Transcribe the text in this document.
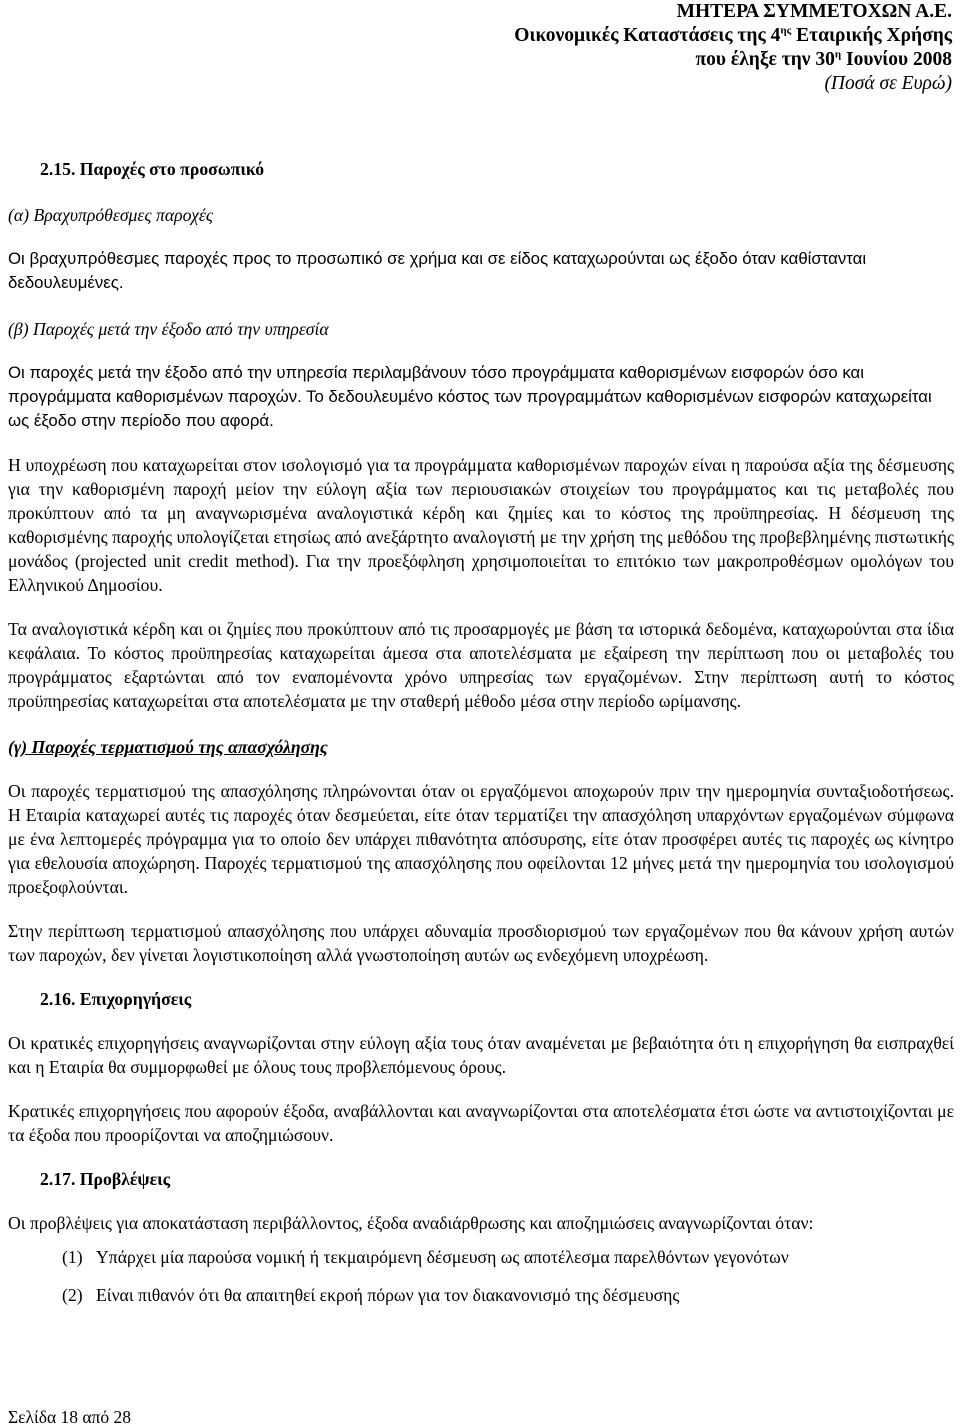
ΜΗΤΕΡΑ ΣΥΜΜΕΤΟΧΩΝ Α.Ε.
Οικονομικές Καταστάσεις της $4^{\eta\varsigma}$ Εταιρικής Χρήσης
που έληξε την $30^\eta$ Ιουνίου 2008
(Ποσά σε Ευρώ)

2.15. Παροχές στο προσωπικό

(α) Βραχυπρόθεσμες παροχές

Οι βραχυπρόθεσμες παροχές προς το προσωπικό σε χρήμα και σε είδος καταχωρούνται ως έξοδο όταν καθίστανται δεδουλευμένες.

(β) Παροχές μετά την έξοδο από την υπηρεσία

Οι παροχές μετά την έξοδο από την υπηρεσία περιλαμβάνουν τόσο προγράμματα καθορισμένων εισφορών όσο και προγράμματα καθορισμένων παροχών. Το δεδουλευμένο κόστος των προγραμμάτων καθορισμένων εισφορών καταχωρείται ως έξοδο στην περίοδο που αφορά.

Η υποχρέωση που καταχωρείται στον ισολογισμό για τα προγράμματα καθορισμένων παροχών είναι η παρούσα αξία της δέσμευσης για την καθορισμένη παροχή μείον την εύλογη αξία των περιουσιακών στοιχείων του προγράμματος και τις μεταβολές που προκύπτουν από τα μη αναγνωρισμένα αναλογιστικά κέρδη και ζημίες και το κόστος της προϋπηρεσίας. Η δέσμευση της καθορισμένης παροχής υπολογίζεται ετησίως από ανεξάρτητο αναλογιστή με την χρήση της μεθόδου της προβεβλημένης πιστωτικής μονάδος (projected unit credit method). Για την προεξόφληση χρησιμοποιείται το επιτόκιο των μακροπροθέσμων ομολόγων του Ελληνικού Δημοσίου.

Τα αναλογιστικά κέρδη και οι ζημίες που προκύπτουν από τις προσαρμογές με βάση τα ιστορικά δεδομένα, καταχωρούνται στα ίδια κεφάλαια. Το κόστος προϋπηρεσίας καταχωρείται άμεσα στα αποτελέσματα με εξαίρεση την περίπτωση που οι μεταβολές του προγράμματος εξαρτώνται από τον εναπομένοντα χρόνο υπηρεσίας των εργαζομένων. Στην περίπτωση αυτή το κόστος προϋπηρεσίας καταχωρείται στα αποτελέσματα με την σταθερή μέθοδο μέσα στην περίοδο ωρίμανσης.

(γ) Παροχές τερματισμού της απασχόλησης

Οι παροχές τερματισμού της απασχόλησης πληρώνονται όταν οι εργαζόμενοι αποχωρούν πριν την ημερομηνία συνταξιοδοτήσεως. Η Εταιρία καταχωρεί αυτές τις παροχές όταν δεσμεύεται, είτε όταν τερματίζει την απασχόληση υπαρχόντων εργαζομένων σύμφωνα με ένα λεπτομερές πρόγραμμα για το οποίο δεν υπάρχει πιθανότητα απόσυρσης, είτε όταν προσφέρει αυτές τις παροχές ως κίνητρο για εθελουσία αποχώρηση. Παροχές τερματισμού της απασχόλησης που οφείλονται 12 μήνες μετά την ημερομηνία του ισολογισμού προεξοφλούνται.

Στην περίπτωση τερματισμού απασχόλησης που υπάρχει αδυναμία προσδιορισμού των εργαζομένων που θα κάνουν χρήση αυτών των παροχών, δεν γίνεται λογιστικοποίηση αλλά γνωστοποίηση αυτών ως ενδεχόμενη υποχρέωση.

2.16. Επιχορηγήσεις

Οι κρατικές επιχορηγήσεις αναγνωρίζονται στην εύλογη αξία τους όταν αναμένεται με βεβαιότητα ότι η επιχορήγηση θα εισπραχθεί και η Εταιρία θα συμμορφωθεί με όλους τους προβλεπόμενους όρους.

Κρατικές επιχορηγήσεις που αφορούν έξοδα, αναβάλλονται και αναγνωρίζονται στα αποτελέσματα έτσι ώστε να αντιστοιχίζονται με τα έξοδα που προορίζονται να αποζημιώσουν.

2.17. Προβλέψεις

Οι προβλέψεις για αποκατάσταση περιβάλλοντος, έξοδα αναδιάρθρωσης και αποζημιώσεις αναγνωρίζονται όταν:

(1) Υπάρχει μία παρούσα νομική ή τεκμαιρόμενη δέσμευση ως αποτέλεσμα παρελθόντων γεγονότων
(2) Είναι πιθανόν ότι θα απαιτηθεί εκροή πόρων για τον διακανονισμό της δέσμευσης
Σελίδα 18 από 28
